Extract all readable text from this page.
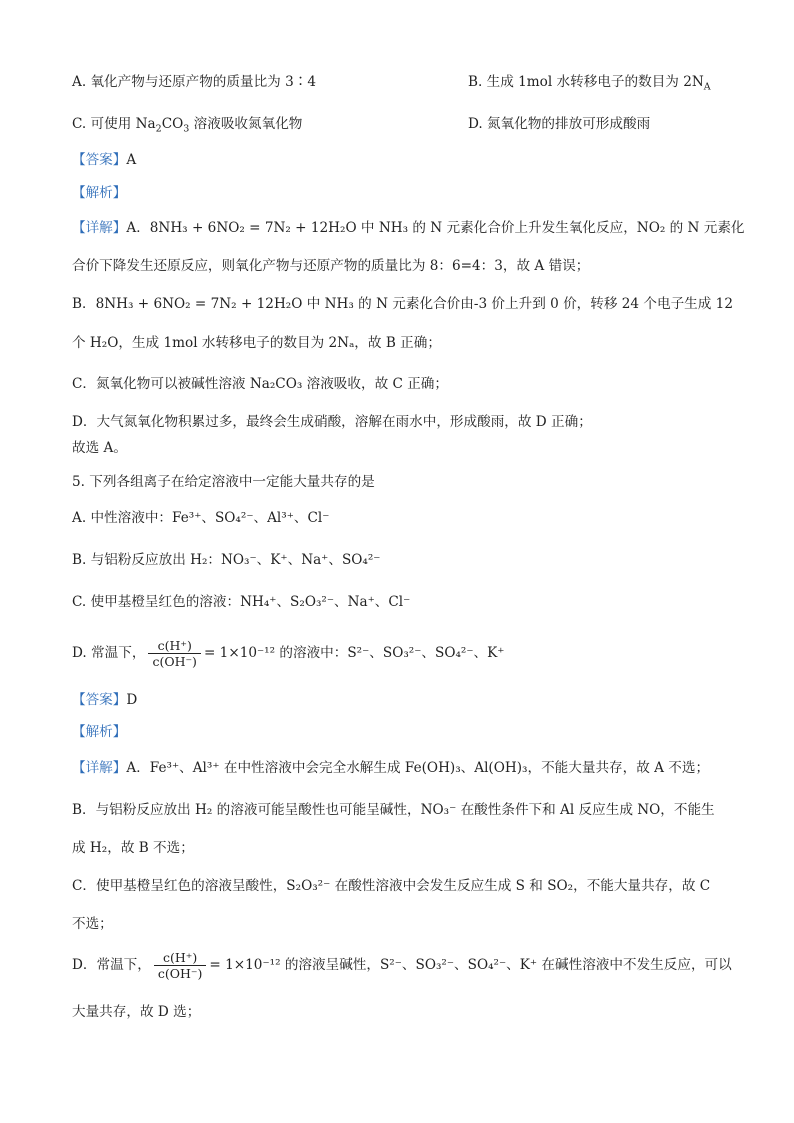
A. 氧化产物与还原产物的质量比为 3∶4	B. 生成 1mol 水转移电子的数目为 $2N_A$
C. 可使用 $Na_2CO_3$ 溶液吸收氮氧化物	D. 氮氧化物的排放可形成酸雨
【答案】A
【解析】
【详解】A．8NH₃ + 6NO₂ = 7N₂ + 12H₂O 中 NH₃ 的 N 元素化合价上升发生氧化反应，NO₂ 的 N 元素化
合价下降发生还原反应，则氧化产物与还原产物的质量比为 8：6=4：3，故 A 错误；
B．8NH₃ + 6NO₂ = 7N₂ + 12H₂O 中 NH₃ 的 N 元素化合价由-3 价上升到 0 价，转移 24 个电子生成 12
个 H₂O，生成 1mol 水转移电子的数目为 2Nₐ，故 B 正确；
C．氮氧化物可以被碱性溶液 Na₂CO₃ 溶液吸收，故 C 正确；
D．大气氮氧化物积累过多，最终会生成硝酸，溶解在雨水中，形成酸雨，故 D 正确；
故选 A。
5. 下列各组离子在给定溶液中一定能大量共存的是
A. 中性溶液中：Fe³⁺、SO₄²⁻、Al³⁺、Cl⁻
B. 与铝粉反应放出 H₂：NO₃⁻、K⁺、Na⁺、SO₄²⁻
C. 使甲基橙呈红色的溶液：NH₄⁺、S₂O₃²⁻、Na⁺、Cl⁻
D. 常温下， $\frac{c(H^+)}{c(OH^-)} = 1\times 10^{-12}$ 的溶液中：S²⁻、SO₃²⁻、SO₄²⁻、K⁺
【答案】D
【解析】
【详解】A．Fe³⁺、Al³⁺ 在中性溶液中会完全水解生成 Fe(OH)₃、Al(OH)₃，不能大量共存，故 A 不选；
B．与铝粉反应放出 H₂ 的溶液可能呈酸性也可能呈碱性，NO₃⁻ 在酸性条件下和 Al 反应生成 NO，不能生
成 H₂，故 B 不选；
C．使甲基橙呈红色的溶液呈酸性，S₂O₃²⁻ 在酸性溶液中会发生反应生成 S 和 SO₂，不能大量共存，故 C
不选；
D．常温下， $\frac{c(H^+)}{c(OH^-)} = 1\times 10^{-12}$ 的溶液呈碱性，S²⁻、SO₃²⁻、SO₄²⁻、K⁺ 在碱性溶液中不发生反应，可以
大量共存，故 D 选；
